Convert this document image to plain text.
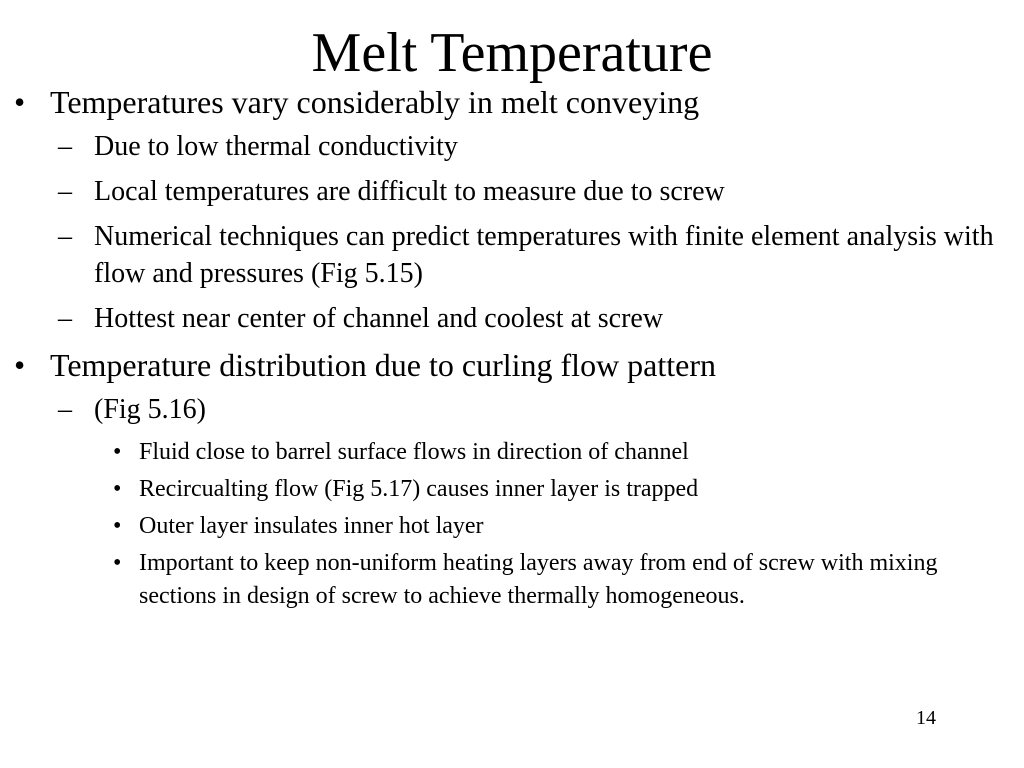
Melt Temperature
• Temperatures vary considerably in melt conveying
– Due to low thermal conductivity
– Local temperatures are difficult to measure due to screw
– Numerical techniques can predict temperatures with finite element analysis with flow and pressures (Fig 5.15)
– Hottest near center of channel and coolest at screw
• Temperature distribution due to curling flow pattern
– (Fig 5.16)
• Fluid close to barrel surface flows in direction of channel
• Recircualting flow (Fig 5.17) causes inner layer is trapped
• Outer layer insulates inner hot layer
• Important to keep non-uniform heating layers away from end of screw with mixing sections in design of screw to achieve thermally homogeneous.
14
